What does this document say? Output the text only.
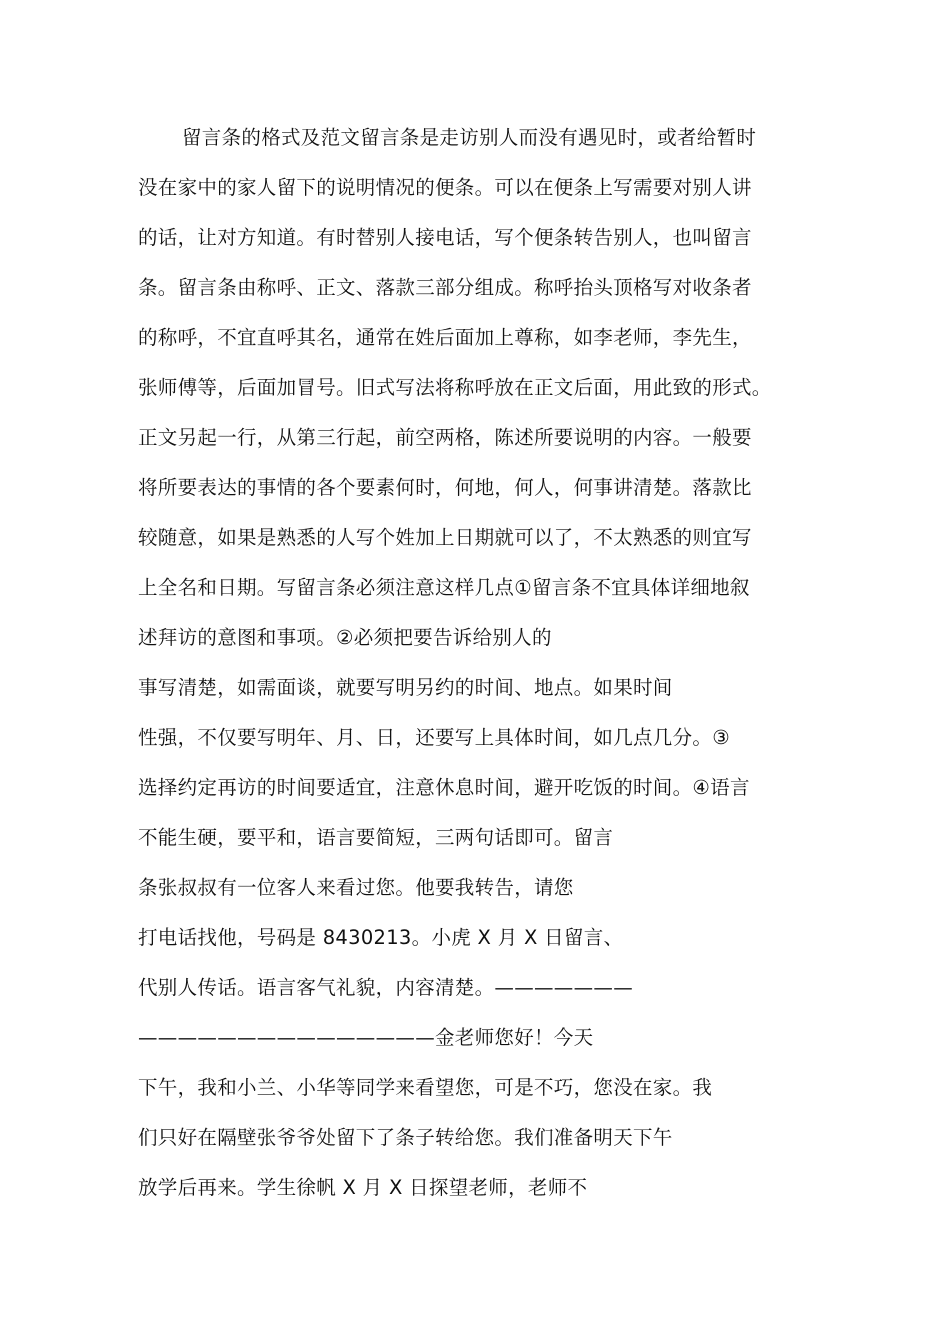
留言条的格式及范文留言条是走访别人而没有遇见时，或者给暂时
没在家中的家人留下的说明情况的便条。可以在便条上写需要对别人讲
的话，让对方知道。有时替别人接电话，写个便条转告别人，也叫留言
条。留言条由称呼、正文、落款三部分组成。称呼抬头顶格写对收条者
的称呼，不宜直呼其名，通常在姓后面加上尊称，如李老师，李先生，
张师傅等，后面加冒号。旧式写法将称呼放在正文后面，用此致的形式。
正文另起一行，从第三行起，前空两格，陈述所要说明的内容。一般要
将所要表达的事情的各个要素何时，何地，何人，何事讲清楚。落款比
较随意，如果是熟悉的人写个姓加上日期就可以了，不太熟悉的则宜写
上全名和日期。写留言条必须注意这样几点①留言条不宜具体详细地叙
述拜访的意图和事项。②必须把要告诉给别人的
事写清楚，如需面谈，就要写明另约的时间、地点。如果时间
性强，不仅要写明年、月、日，还要写上具体时间，如几点几分。③
选择约定再访的时间要适宜，注意休息时间，避开吃饭的时间。④语言
不能生硬，要平和，语言要简短，三两句话即可。留言
条张叔叔有一位客人来看过您。他要我转告，请您
打电话找他，号码是 8430213。小虎 X 月 X 日留言、
代别人传话。语言客气礼貌，内容清楚。———————
———————————————金老师您好！今天
下午，我和小兰、小华等同学来看望您，可是不巧，您没在家。我
们只好在隔壁张爷爷处留下了条子转给您。我们准备明天下午
放学后再来。学生徐帆 X 月 X 日探望老师，老师不
